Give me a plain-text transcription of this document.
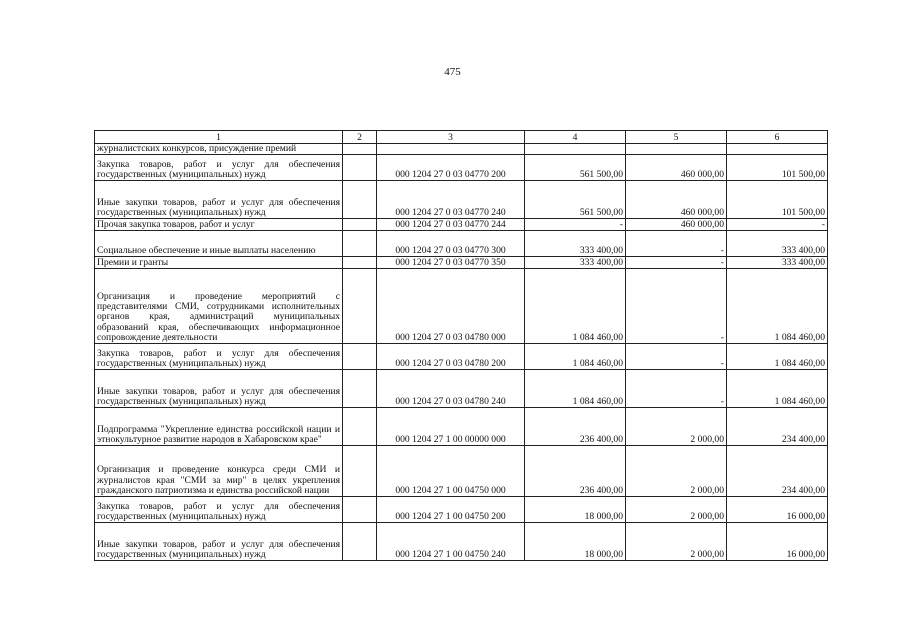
475
1	2	3	4	5	6
журналистских конкурсов, присуждение премий					
Закупка товаров, работ и услуг для обеспечения государственных (муниципальных) нужд		000 1204 27 0 03 04770 200	561 500,00	460 000,00	101 500,00
Иные закупки товаров, работ и услуг для обеспечения государственных (муниципальных) нужд		000 1204 27 0 03 04770 240	561 500,00	460 000,00	101 500,00
Прочая закупка товаров, работ и услуг		000 1204 27 0 03 04770 244	-	460 000,00	-
Социальное обеспечение и иные выплаты населению		000 1204 27 0 03 04770 300	333 400,00	-	333 400,00
Премии и гранты		000 1204 27 0 03 04770 350	333 400,00	-	333 400,00
Организация и проведение мероприятий с представителями СМИ, сотрудниками исполнительных органов края, администраций муниципальных образований края, обеспечивающих информационное сопровождение деятельности		000 1204 27 0 03 04780 000	1 084 460,00	-	1 084 460,00
Закупка товаров, работ и услуг для обеспечения государственных (муниципальных) нужд		000 1204 27 0 03 04780 200	1 084 460,00	-	1 084 460,00
Иные закупки товаров, работ и услуг для обеспечения государственных (муниципальных) нужд		000 1204 27 0 03 04780 240	1 084 460,00	-	1 084 460,00
Подпрограмма "Укрепление единства российской нации и этнокультурное развитие народов в Хабаровском крае"		000 1204 27 1 00 00000 000	236 400,00	2 000,00	234 400,00
Организация и проведение конкурса среди СМИ и журналистов края "СМИ за мир" в целях укрепления гражданского патриотизма и единства российской нации		000 1204 27 1 00 04750 000	236 400,00	2 000,00	234 400,00
Закупка товаров, работ и услуг для обеспечения государственных (муниципальных) нужд		000 1204 27 1 00 04750 200	18 000,00	2 000,00	16 000,00
Иные закупки товаров, работ и услуг для обеспечения государственных (муниципальных) нужд		000 1204 27 1 00 04750 240	18 000,00	2 000,00	16 000,00
